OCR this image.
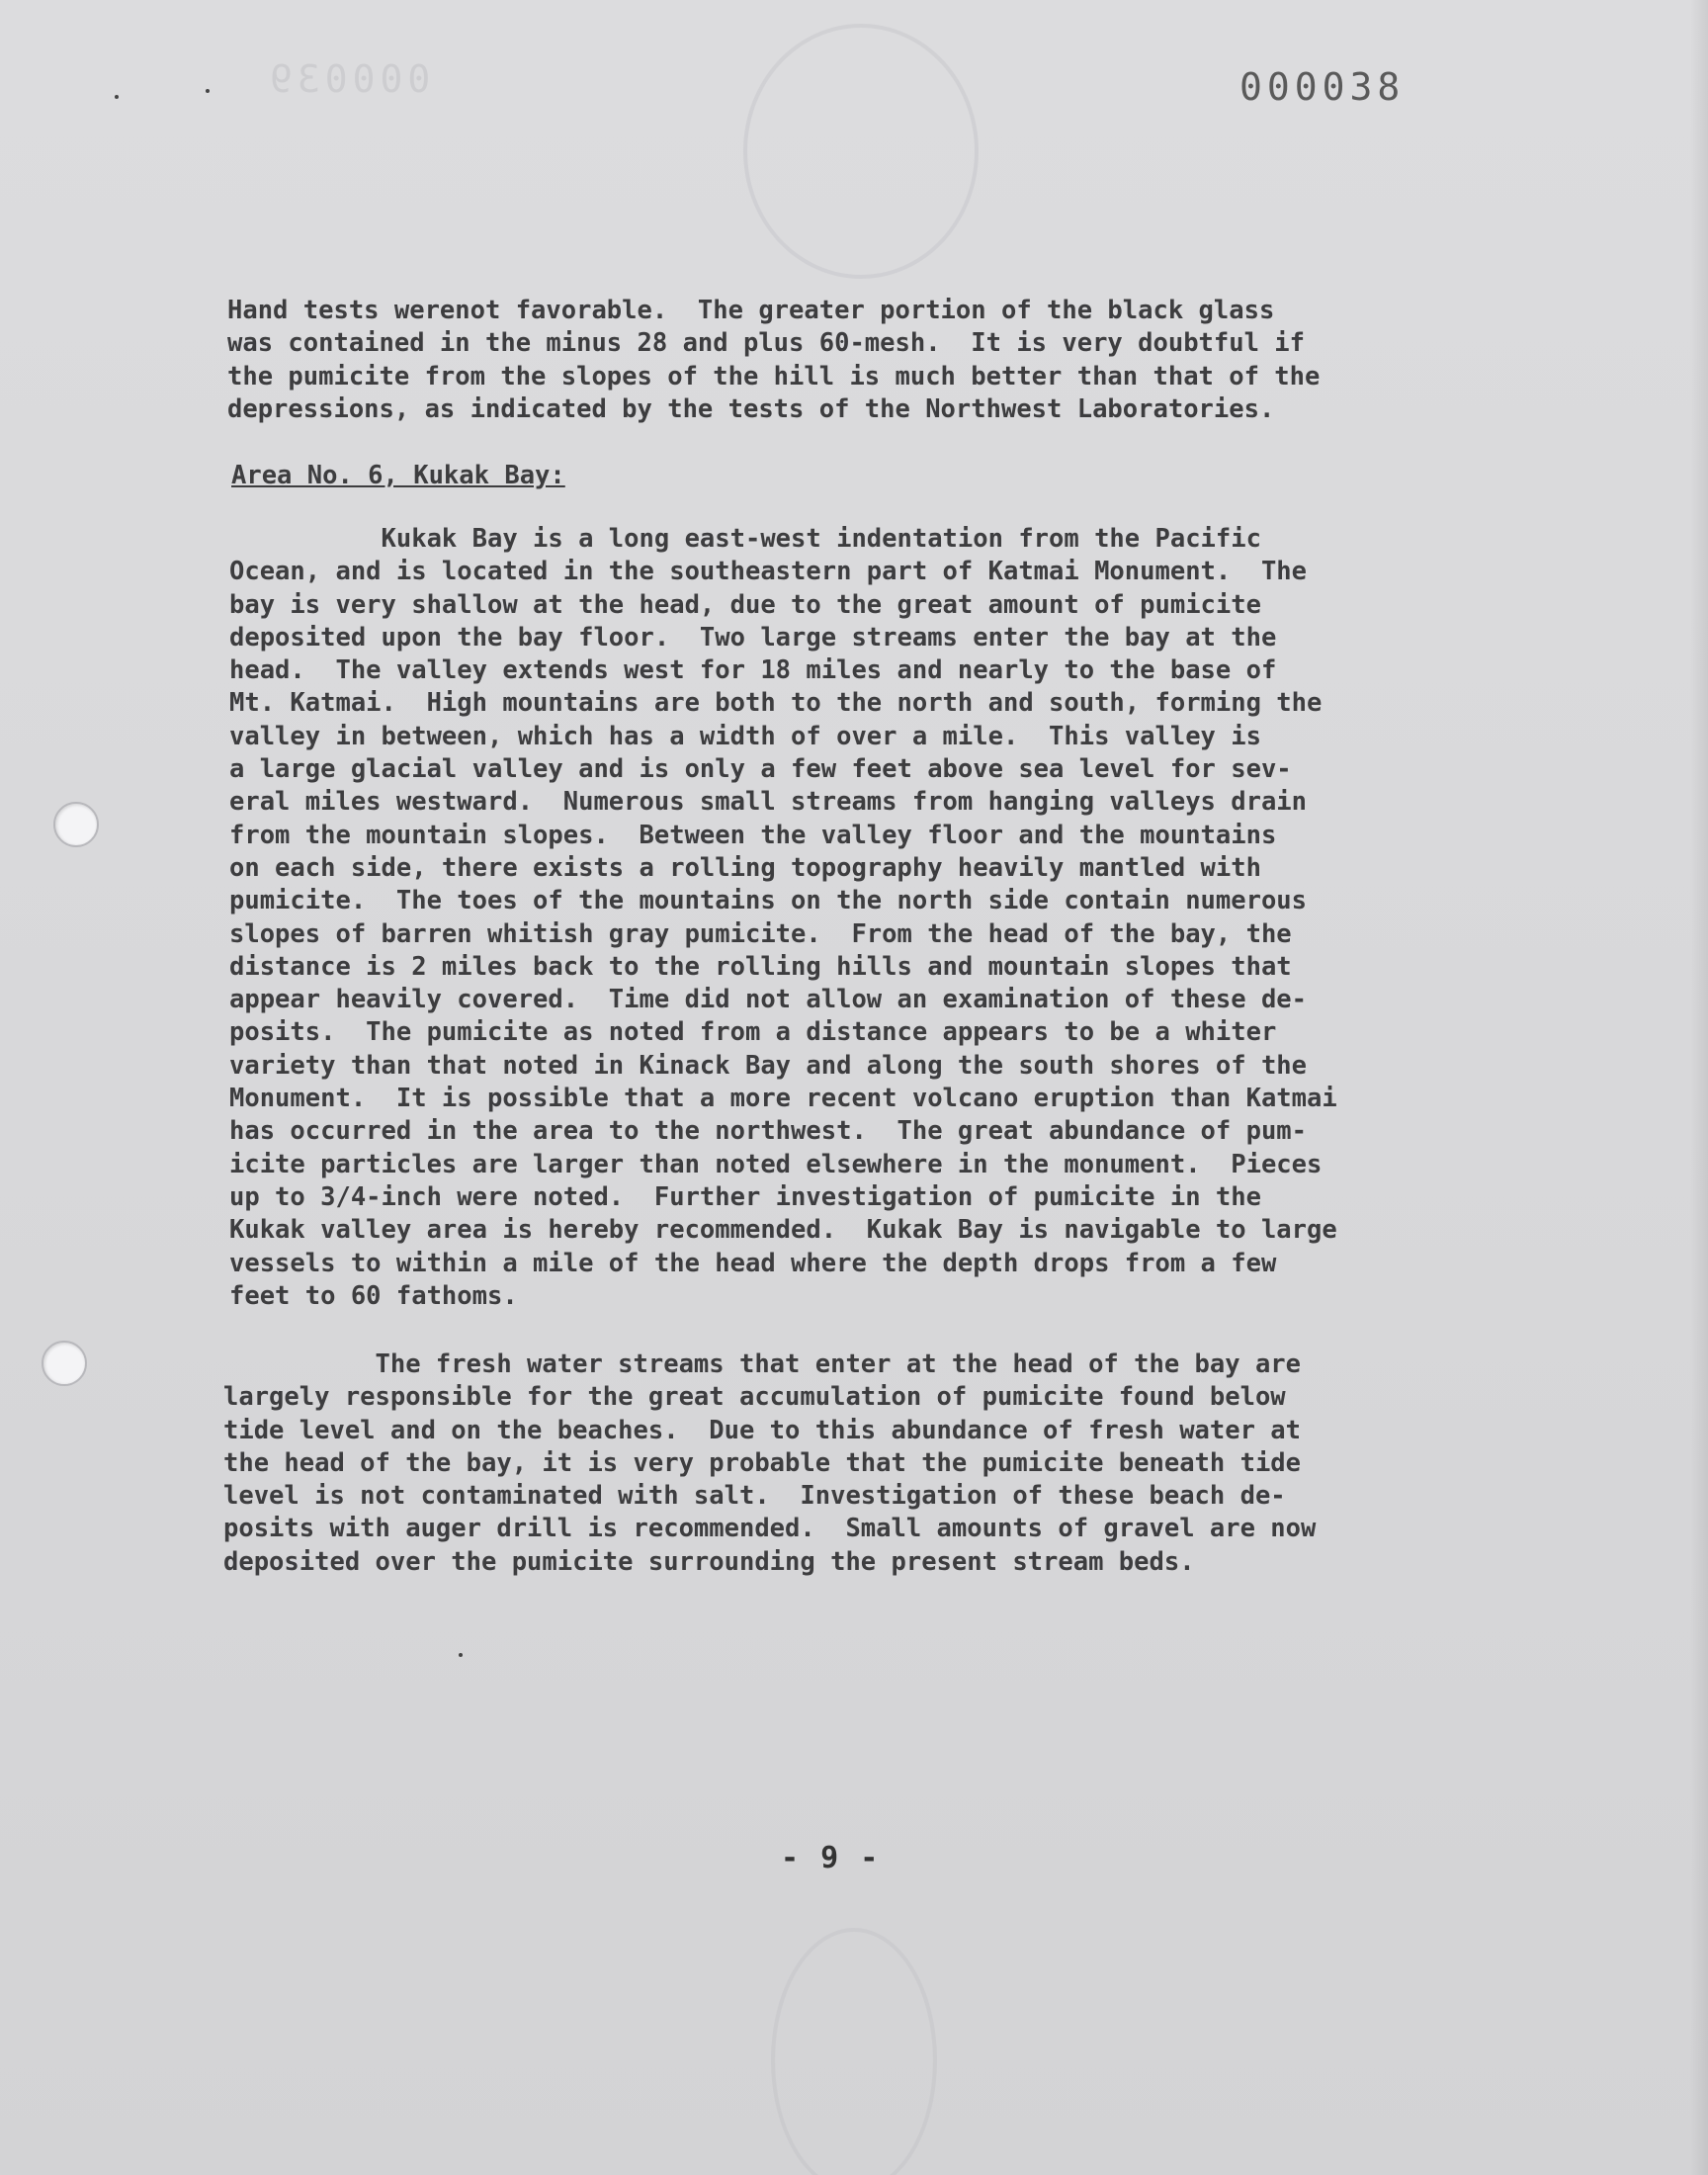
000039	000038
Hand tests werenot favorable.  The greater portion of the black glass
was contained in the minus 28 and plus 60-mesh.  It is very doubtful if
the pumicite from the slopes of the hill is much better than that of the
depressions, as indicated by the tests of the Northwest Laboratories.
Area No. 6, Kukak Bay:
Kukak Bay is a long east-west indentation from the Pacific
Ocean, and is located in the southeastern part of Katmai Monument.  The
bay is very shallow at the head, due to the great amount of pumicite
deposited upon the bay floor.  Two large streams enter the bay at the
head.  The valley extends west for 18 miles and nearly to the base of
Mt. Katmai.  High mountains are both to the north and south, forming the
valley in between, which has a width of over a mile.  This valley is
a large glacial valley and is only a few feet above sea level for sev-
eral miles westward.  Numerous small streams from hanging valleys drain
from the mountain slopes.  Between the valley floor and the mountains
on each side, there exists a rolling topography heavily mantled with
pumicite.  The toes of the mountains on the north side contain numerous
slopes of barren whitish gray pumicite.  From the head of the bay, the
distance is 2 miles back to the rolling hills and mountain slopes that
appear heavily covered.  Time did not allow an examination of these de-
posits.  The pumicite as noted from a distance appears to be a whiter
variety than that noted in Kinack Bay and along the south shores of the
Monument.  It is possible that a more recent volcano eruption than Katmai
has occurred in the area to the northwest.  The great abundance of pum-
icite particles are larger than noted elsewhere in the monument.  Pieces
up to 3/4-inch were noted.  Further investigation of pumicite in the
Kukak valley area is hereby recommended.  Kukak Bay is navigable to large
vessels to within a mile of the head where the depth drops from a few
feet to 60 fathoms.
The fresh water streams that enter at the head of the bay are
largely responsible for the great accumulation of pumicite found below
tide level and on the beaches.  Due to this abundance of fresh water at
the head of the bay, it is very probable that the pumicite beneath tide
level is not contaminated with salt.  Investigation of these beach de-
posits with auger drill is recommended.  Small amounts of gravel are now
deposited over the pumicite surrounding the present stream beds.
- 9 -
